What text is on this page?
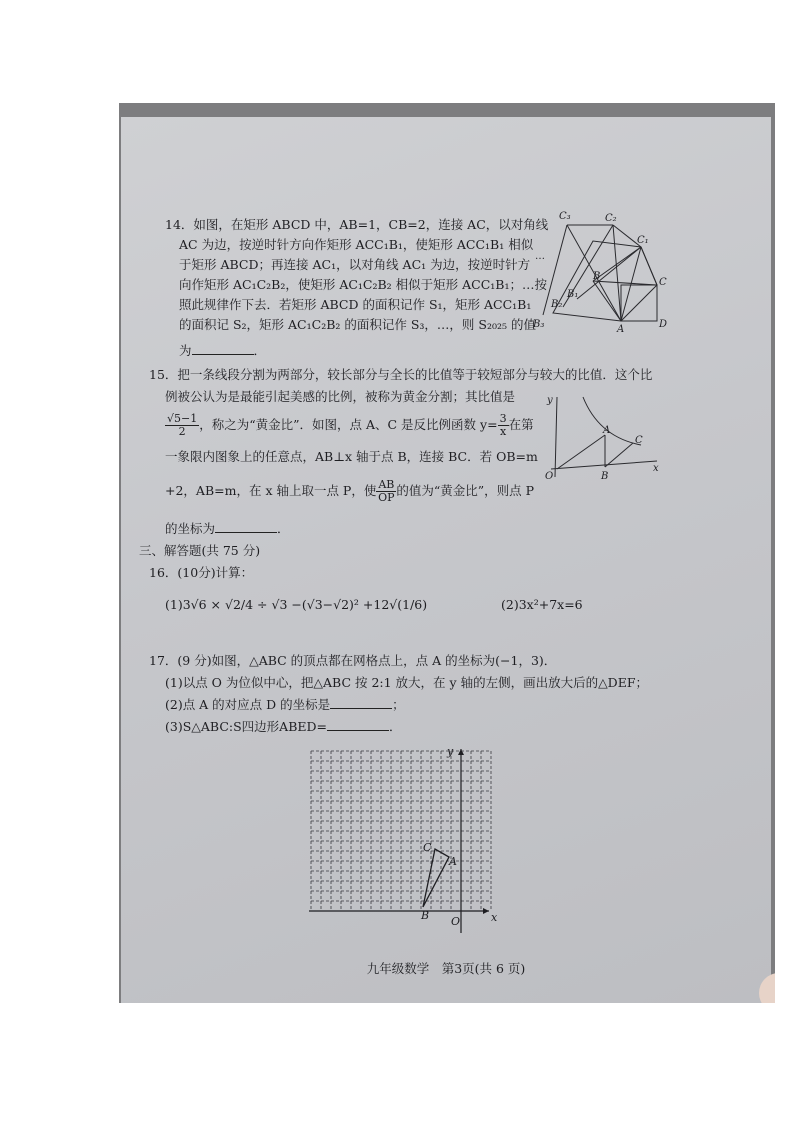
14．如图，在矩形 ABCD 中，AB=1，CB=2，连接 AC，以对角线
AC 为边，按逆时针方向作矩形 ACC₁B₁，使矩形 ACC₁B₁ 相似
于矩形 ABCD；再连接 AC₁，以对角线 AC₁ 为边，按逆时针方
向作矩形 AC₁C₂B₂，使矩形 AC₁C₂B₂ 相似于矩形 ACC₁B₁；…按
照此规律作下去．若矩形 ABCD 的面积记作 S₁，矩形 ACC₁B₁
的面积记 S₂，矩形 AC₁C₂B₂ 的面积记作 S₃，…，则 S₂₀₂₅ 的值
为	．
C₃	C₂
C₁
C
D
A
B
B₁
B₂
B₃
…
15．把一条线段分割为两部分，较长部分与全长的比值等于较短部分与较大的比值．这个比
例被公认为是最能引起美感的比例，被称为黄金分割；其比值是
$\frac{√5-1}{2}$ ，称之为“黄金比”．如图，点 A、C 是反比例函数 $y= \frac{3}{x}$ 在第
一象限内图象上的任意点，AB⊥x 轴于点 B，连接 BC．若 OB=m
+2，AB=m，在 x 轴上取一点 P，使 $\frac{AB}{OP}$ 的值为“黄金比”，则点 P
的坐标为	．
y
x
O
A
B
C
三、解答题(共 75 分)
16．(10分)计算：
(1)3√6 × √2/4 ÷ √3 −(√3−√2)² +12√(1/6)	(2)3x²+7x=6
17．(9 分)如图，△ABC 的顶点都在网格点上，点 A 的坐标为(−1，3)．
(1)以点 O 为位似中心，把△ABC 按 2:1 放大，在 y 轴的左侧，画出放大后的△DEF；
(2)点 A 的对应点 D 的坐标是	；
(3)S△ABC:S四边形ABED=	．
y
x
O
A
B
C
九年级数学　第3页(共 6 页)
